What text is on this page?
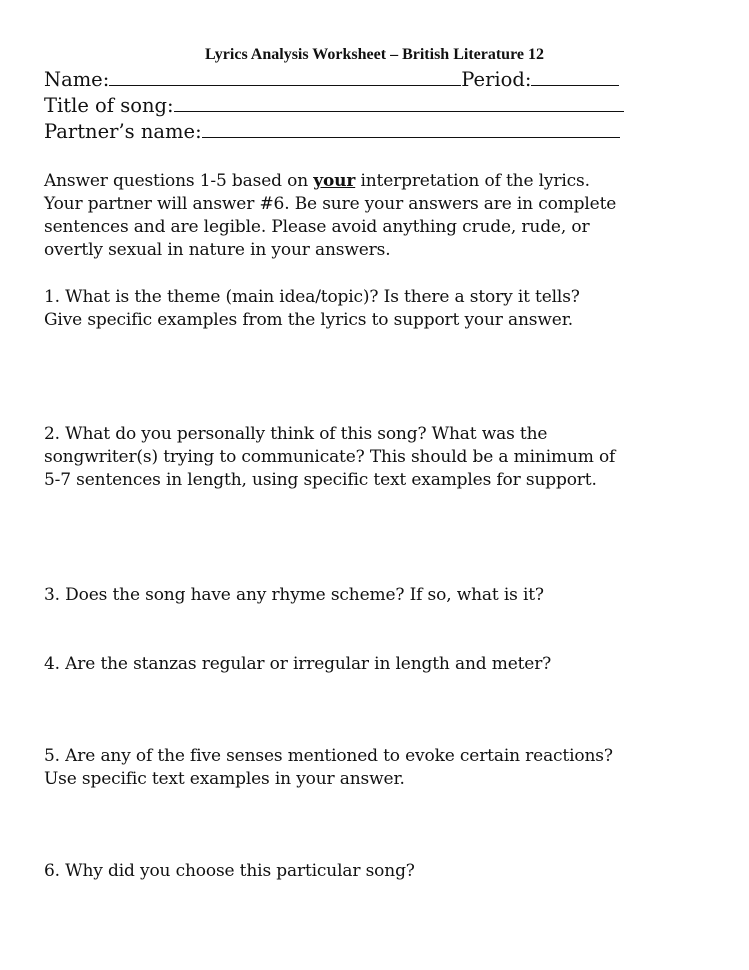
Lyrics Analysis Worksheet – British Literature 12
Name:	Period:
Title of song:
Partner’s name:
Answer questions 1-5 based on your interpretation of the lyrics.
Your partner will answer #6. Be sure your answers are in complete
sentences and are legible. Please avoid anything crude, rude, or
overtly sexual in nature in your answers.
1. What is the theme (main idea/topic)? Is there a story it tells?
Give specific examples from the lyrics to support your answer.
2. What do you personally think of this song? What was the
songwriter(s) trying to communicate? This should be a minimum of
5-7 sentences in length, using specific text examples for support.
3. Does the song have any rhyme scheme? If so, what is it?
4. Are the stanzas regular or irregular in length and meter?
5. Are any of the five senses mentioned to evoke certain reactions?
Use specific text examples in your answer.
6. Why did you choose this particular song?
